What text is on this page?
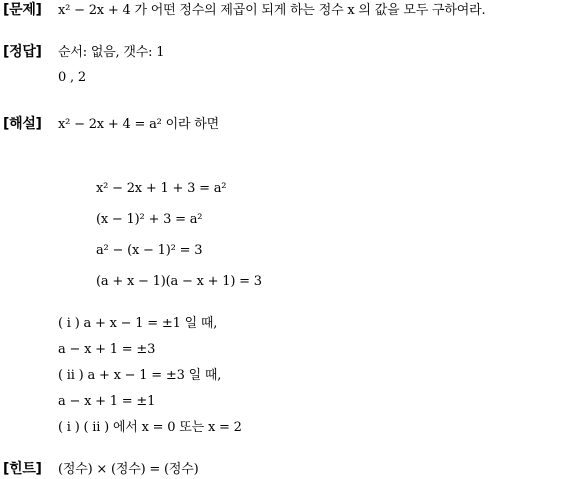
[문제] x² − 2x + 4 가 어떤 정수의 제곱이 되게 하는 정수 x 의 값을 모두 구하여라.
[정답] 순서: 없음, 갯수: 1
0 , 2
[해설] x² − 2x + 4 = a² 이라 하면
x² − 2x + 1 + 3 = a²
(x − 1)² + 3 = a²
a² − (x − 1)² = 3
(a + x − 1)(a − x + 1) = 3
( i ) a + x − 1 = ±1 일 때,
a − x + 1 = ±3
( ii ) a + x − 1 = ±3 일 때,
a − x + 1 = ±1
( i ) ( ii ) 에서 x = 0 또는 x = 2
[힌트] (정수) × (정수) = (정수)
